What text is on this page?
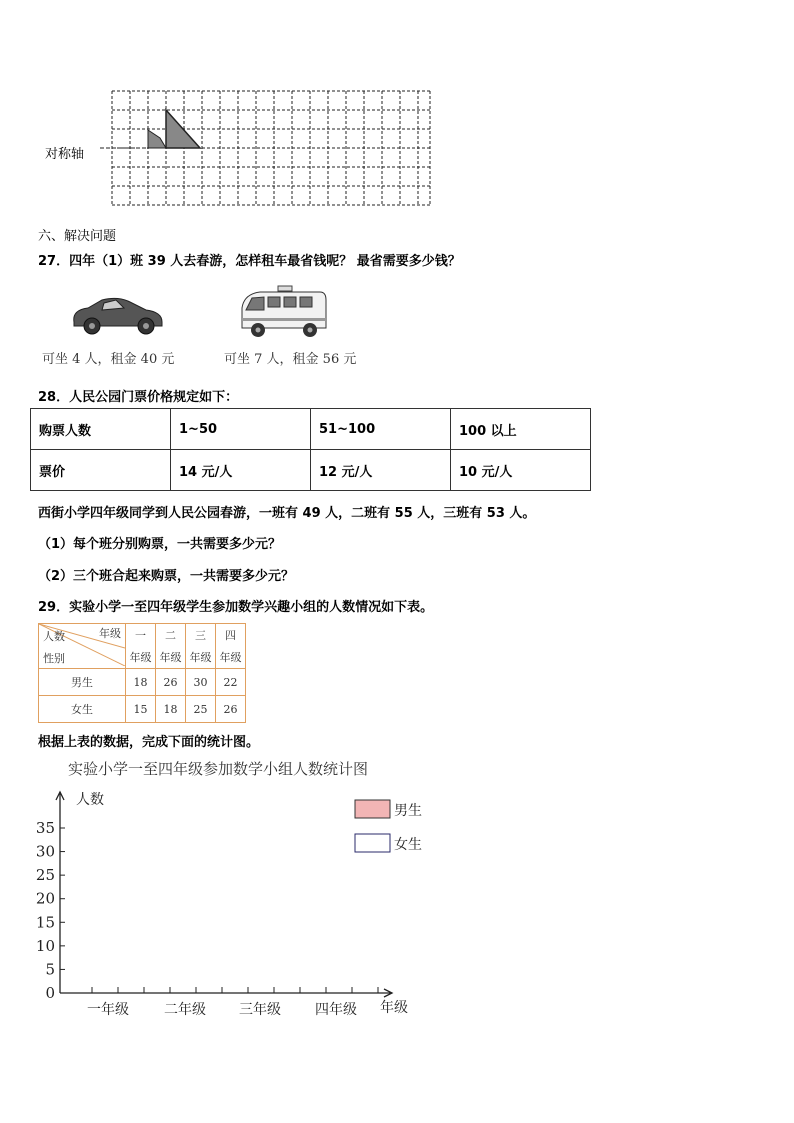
对称轴
六、解决问题
27．四年（1）班 39 人去春游，怎样租车最省钱呢？ 最省需要多少钱？
可坐 4 人，租金 40 元	可坐 7 人，租金 56 元
28．人民公园门票价格规定如下：
购票人数	1~50	51~100	100 以上
票价	14 元/人	12 元/人	10 元/人
西街小学四年级同学到人民公园春游，一班有 49 人，二班有 55 人，三班有 53 人。
（1）每个班分别购票，一共需要多少元？
（2）三个班合起来购票，一共需要多少元？
29．实验小学一至四年级学生参加数学兴趣小组的人数情况如下表。
年级
人数
性别	一	二	三	四
	年级	年级	年级	年级
男生	18	26	30	22
女生	15	18	25	26
根据上表的数据，完成下面的统计图。
实验小学一至四年级参加数学小组人数统计图
人数
年级
0
5
10
15
20
25
30
35
一年级	二年级 三年级 四年级
男生
女生
